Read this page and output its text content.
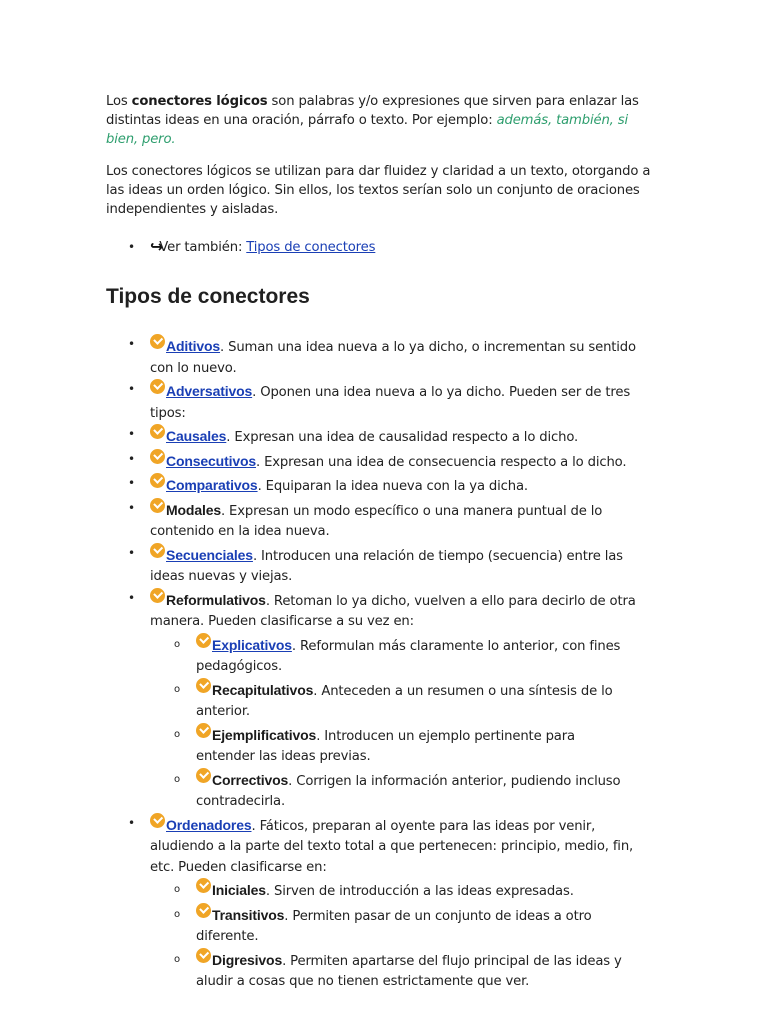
Los conectores lógicos son palabras y/o expresiones que sirven para enlazar las distintas ideas en una oración, párrafo o texto. Por ejemplo: además, también, si bien, pero.

Los conectores lógicos se utilizan para dar fluidez y claridad a un texto, otorgando a las ideas un orden lógico. Sin ellos, los textos serían solo un conjunto de oraciones independientes y aisladas.

• ↪Ver también: Tipos de conectores
Tipos de conectores
• Aditivos. Suman una idea nueva a lo ya dicho, o incrementan su sentido con lo nuevo.
• Adversativos. Oponen una idea nueva a lo ya dicho. Pueden ser de tres tipos:
• Causales. Expresan una idea de causalidad respecto a lo dicho.
• Consecutivos. Expresan una idea de consecuencia respecto a lo dicho.
• Comparativos. Equiparan la idea nueva con la ya dicha.
• Modales. Expresan un modo específico o una manera puntual de lo contenido en la idea nueva.
• Secuenciales. Introducen una relación de tiempo (secuencia) entre las ideas nuevas y viejas.
• Reformulativos. Retoman lo ya dicho, vuelven a ello para decirlo de otra manera. Pueden clasificarse a su vez en:
o Explicativos. Reformulan más claramente lo anterior, con fines pedagógicos.
o Recapitulativos. Anteceden a un resumen o una síntesis de lo anterior.
o Ejemplificativos. Introducen un ejemplo pertinente para entender las ideas previas.
o Correctivos. Corrigen la información anterior, pudiendo incluso contradecirla.
• Ordenadores. Fáticos, preparan al oyente para las ideas por venir, aludiendo a la parte del texto total a que pertenecen: principio, medio, fin, etc. Pueden clasificarse en:
o Iniciales. Sirven de introducción a las ideas expresadas.
o Transitivos. Permiten pasar de un conjunto de ideas a otro diferente.
o Digresivos. Permiten apartarse del flujo principal de las ideas y aludir a cosas que no tienen estrictamente que ver.
